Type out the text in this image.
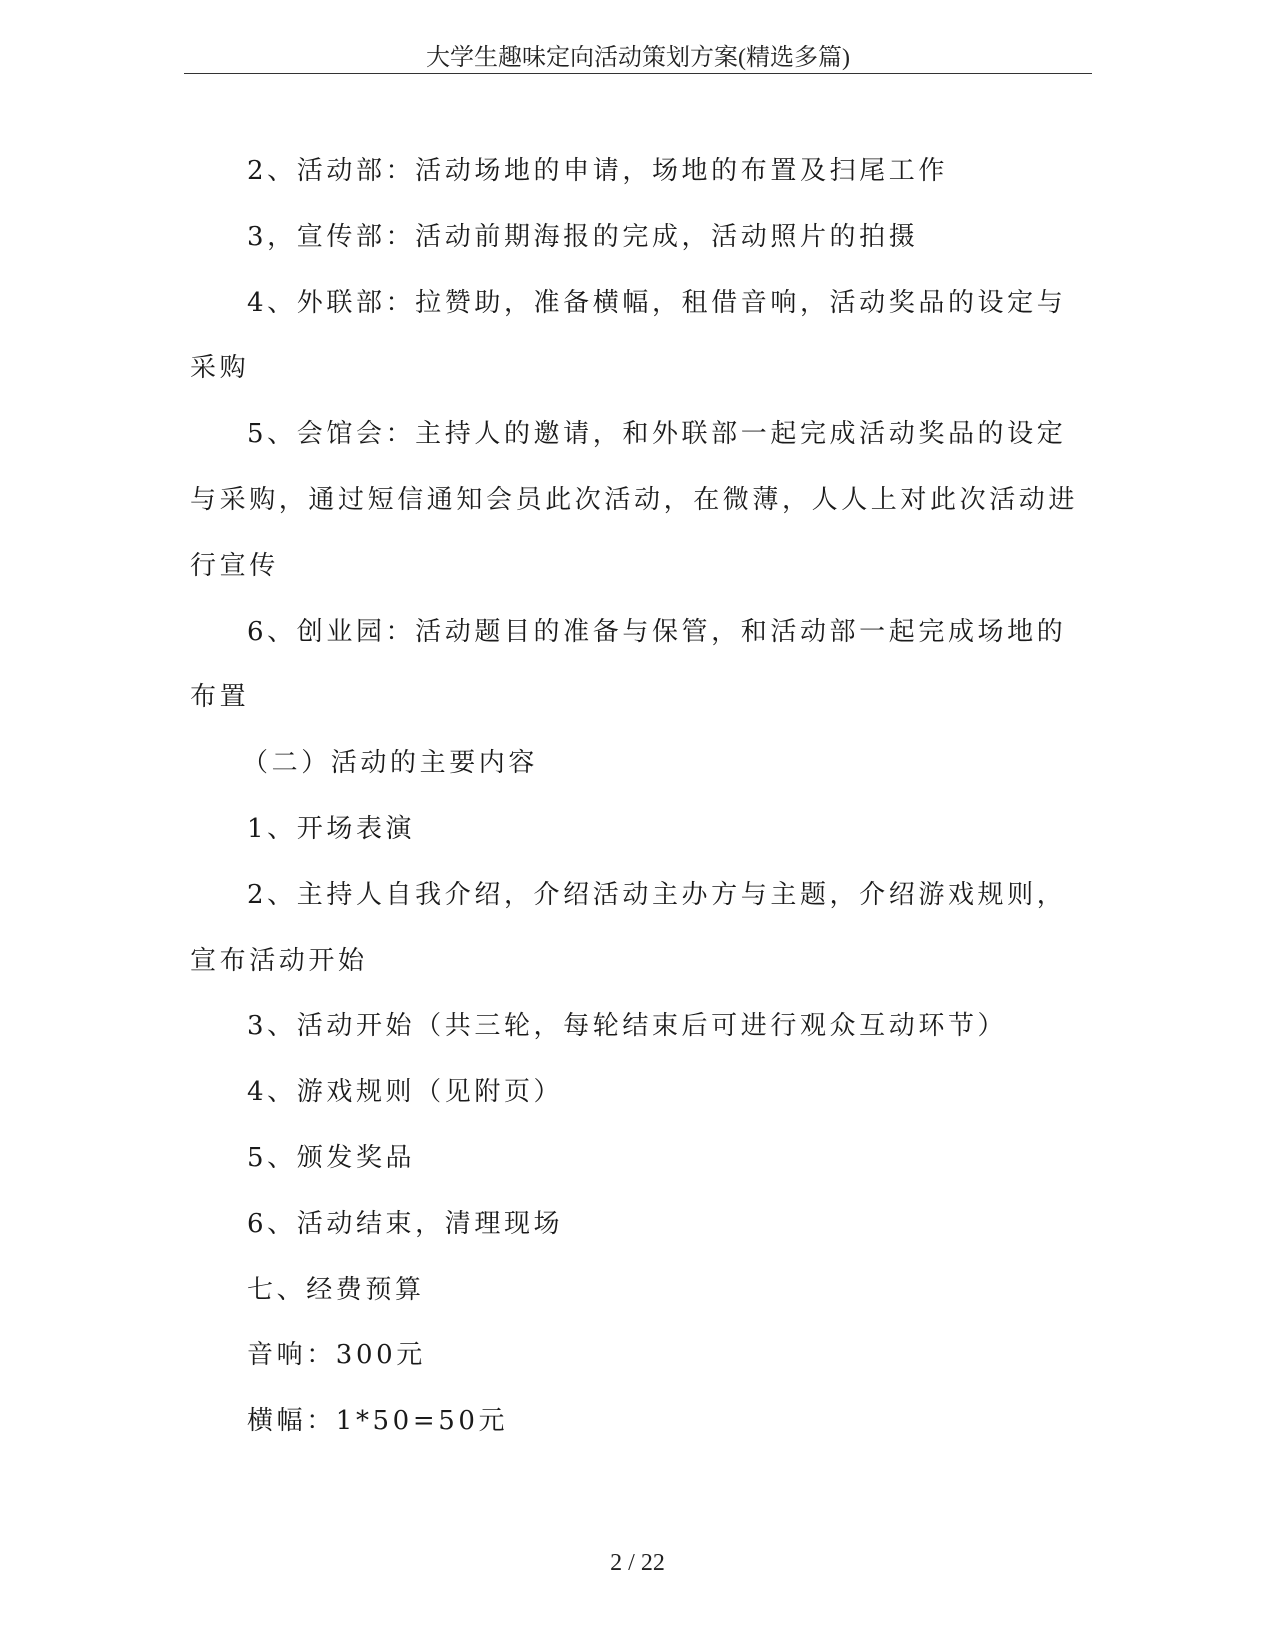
大学生趣味定向活动策划方案(精选多篇)

2、活动部：活动场地的申请，场地的布置及扫尾工作

3，宣传部：活动前期海报的完成，活动照片的拍摄

4、外联部：拉赞助，准备横幅，租借音响，活动奖品的设定与采购

5、会馆会：主持人的邀请，和外联部一起完成活动奖品的设定与采购，通过短信通知会员此次活动，在微薄，人人上对此次活动进行宣传

6、创业园：活动题目的准备与保管，和活动部一起完成场地的布置

（二）活动的主要内容

1、开场表演

2、主持人自我介绍，介绍活动主办方与主题，介绍游戏规则，宣布活动开始

3、活动开始（共三轮，每轮结束后可进行观众互动环节）

4、游戏规则（见附页）

5、颁发奖品

6、活动结束，清理现场

七、经费预算

音响：300元

横幅：1*50=50元

2 / 22
